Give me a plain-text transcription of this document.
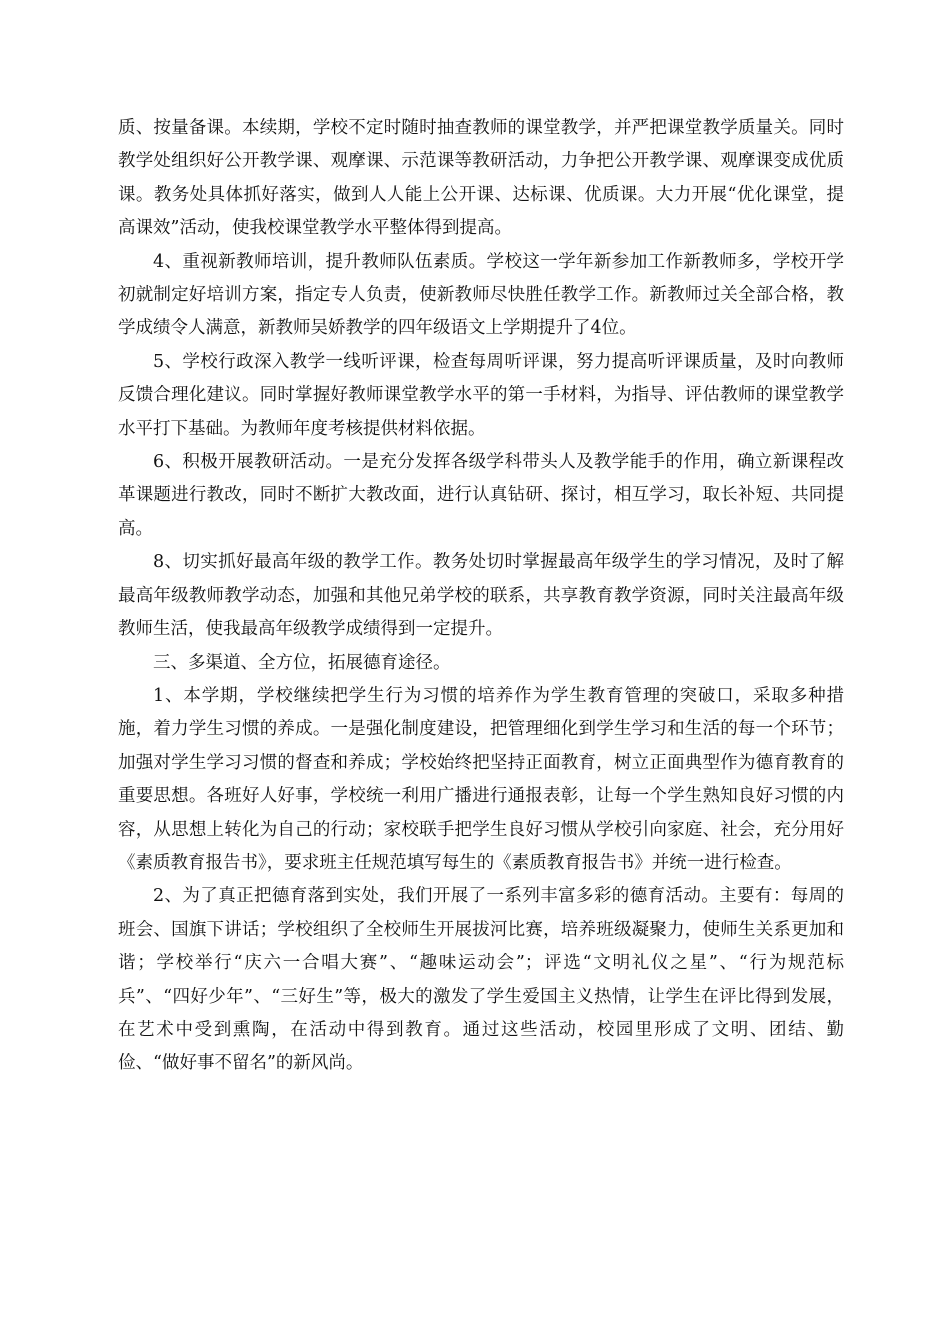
质、按量备课。本续期，学校不定时随时抽查教师的课堂教学，并严把课堂教学质量关。同时教学处组织好公开教学课、观摩课、示范课等教研活动，力争把公开教学课、观摩课变成优质课。教务处具体抓好落实，做到人人能上公开课、达标课、优质课。大力开展“优化课堂，提高课效”活动，使我校课堂教学水平整体得到提高。

4、重视新教师培训，提升教师队伍素质。学校这一学年新参加工作新教师多，学校开学初就制定好培训方案，指定专人负责，使新教师尽快胜任教学工作。新教师过关全部合格，教学成绩令人满意，新教师吴娇教学的四年级语文上学期提升了4位。

5、学校行政深入教学一线听评课，检查每周听评课，努力提高听评课质量，及时向教师反馈合理化建议。同时掌握好教师课堂教学水平的第一手材料，为指导、评估教师的课堂教学水平打下基础。为教师年度考核提供材料依据。

6、积极开展教研活动。一是充分发挥各级学科带头人及教学能手的作用，确立新课程改革课题进行教改，同时不断扩大教改面，进行认真钻研、探讨，相互学习，取长补短、共同提高。

8、切实抓好最高年级的教学工作。教务处切时掌握最高年级学生的学习情况，及时了解最高年级教师教学动态，加强和其他兄弟学校的联系，共享教育教学资源，同时关注最高年级教师生活，使我最高年级教学成绩得到一定提升。

三、多渠道、全方位，拓展德育途径。

1、本学期，学校继续把学生行为习惯的培养作为学生教育管理的突破口，采取多种措施，着力学生习惯的养成。一是强化制度建设，把管理细化到学生学习和生活的每一个环节；加强对学生学习习惯的督查和养成；学校始终把坚持正面教育，树立正面典型作为德育教育的重要思想。各班好人好事，学校统一利用广播进行通报表彰，让每一个学生熟知良好习惯的内容，从思想上转化为自己的行动；家校联手把学生良好习惯从学校引向家庭、社会，充分用好《素质教育报告书》，要求班主任规范填写每生的《素质教育报告书》并统一进行检查。

2、为了真正把德育落到实处，我们开展了一系列丰富多彩的德育活动。主要有：每周的班会、国旗下讲话；学校组织了全校师生开展拔河比赛，培养班级凝聚力，使师生关系更加和谐；学校举行“庆六一合唱大赛”、“趣味运动会”；评选“文明礼仪之星”、“行为规范标兵”、“四好少年”、“三好生”等，极大的激发了学生爱国主义热情，让学生在评比得到发展，在艺术中受到熏陶，在活动中得到教育。通过这些活动，校园里形成了文明、团结、勤俭、“做好事不留名”的新风尚。
